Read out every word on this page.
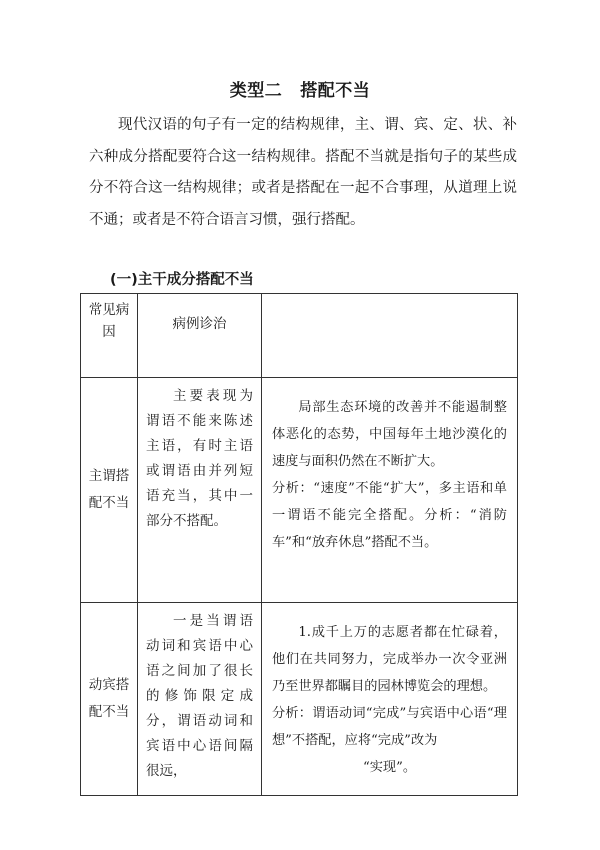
类型二 搭配不当

现代汉语的句子有一定的结构规律，主、谓、宾、定、状、补六种成分搭配要符合这一结构规律。搭配不当就是指句子的某些成分不符合这一结构规律；或者是搭配在一起不合事理，从道理上说不通；或者是不符合语言习惯，强行搭配。

(一)主干成分搭配不当
常见病因	病例诊治	
主谓搭配不当	主要表现为谓语不能来陈述主语，有时主语或谓语由并列短语充当，其中一部分不搭配。	局部生态环境的改善并不能遏制整体恶化的态势，中国每年土地沙漠化的速度与面积仍然在不断扩大。

分析：“速度”不能“扩大”，多主语和单一谓语不能完全搭配。分析：“消防车”和“放弃休息”搭配不当。

动宾搭配不当	一是当谓语动词和宾语中心语之间加了很长的修饰限定成分，谓语动词和宾语中心语间隔很远，	1.成千上万的志愿者都在忙碌着，他们在共同努力，完成举办一次令亚洲乃至世界都瞩目的园林博览会的理想。

分析：谓语动词“完成”与宾语中心语“理想”不搭配，应将“完成”改为

“实现”。
